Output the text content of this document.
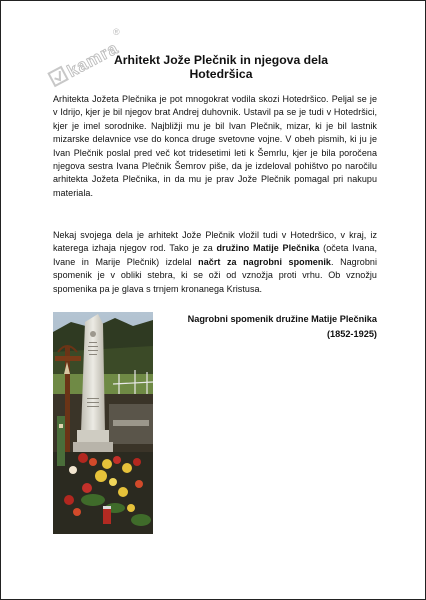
kamra
®
Arhitekt Jože Plečnik in njegova dela
Hotedršica

Arhitekta Jožeta Plečnika je pot mnogokrat vodila skozi Hotedršico. Peljal se je v Idrijo, kjer je bil njegov brat Andrej duhovnik. Ustavil pa se je tudi v Hotedršici, kjer je imel sorodnike. Najbližji mu je bil Ivan Plečnik, mizar, ki je bil lastnik mizarske delavnice vse do konca druge svetovne vojne. V obeh pismih, ki ju je Ivan Plečnik poslal pred več kot tridesetimi leti k Šemrlu, kjer je bila poročena njegova sestra Ivana Plečnik Šemrov piše, da je izdeloval pohištvo po naročilu arhitekta Jožeta Plečnika, in da mu je prav Jože Plečnik pomagal pri nakupu materiala.

Nekaj svojega dela je arhitekt Jože Plečnik vložil tudi v Hotedršico, v kraj, iz katerega izhaja njegov rod. Tako je za družino Matije Plečnika (očeta Ivana, Ivane in Marije Plečnik) izdelal načrt za nagrobni spomenik. Nagrobni spomenik je v obliki stebra, ki se oži od vznožja proti vrhu. Ob vznožju spomenika pa je glava s trnjem kronanega Kristusa.

Nagrobni spomenik družine Matije Plečnika
(1852-1925)
